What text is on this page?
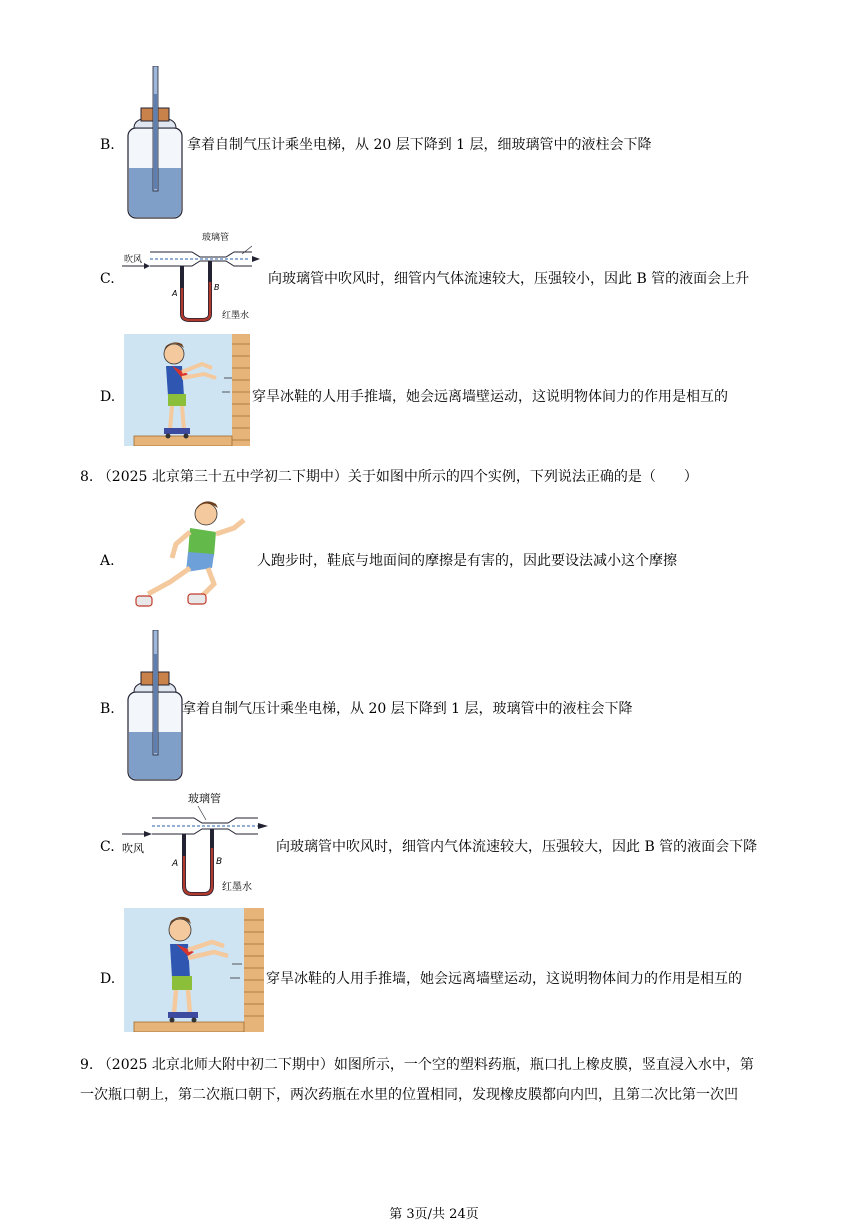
B.	拿着自制气压计乘坐电梯，从 20 层下降到 1 层，细玻璃管中的液柱会下降
C.
玻璃管
吹风
A
B
红墨水
向玻璃管中吹风时，细管内气体流速较大，压强较小，因此 B 管的液面会上升
D.	穿旱冰鞋的人用手推墙，她会远离墙壁运动，这说明物体间力的作用是相互的
8. （2025 北京第三十五中学初二下期中）关于如图中所示的四个实例，下列说法正确的是（　　）
A.	人跑步时，鞋底与地面间的摩擦是有害的，因此要设法减小这个摩擦
B.	拿着自制气压计乘坐电梯，从 20 层下降到 1 层，玻璃管中的液柱会下降
C.
玻璃管
吹风
A	B
红墨水
向玻璃管中吹风时，细管内气体流速较大，压强较大，因此 B 管的液面会下降
D.	穿旱冰鞋的人用手推墙，她会远离墙壁运动，这说明物体间力的作用是相互的
9. （2025 北京北师大附中初二下期中）如图所示，一个空的塑料药瓶，瓶口扎上橡皮膜，竖直浸入水中，第
一次瓶口朝上，第二次瓶口朝下，两次药瓶在水里的位置相同，发现橡皮膜都向内凹，且第二次比第一次凹
第 3页/共 24页
